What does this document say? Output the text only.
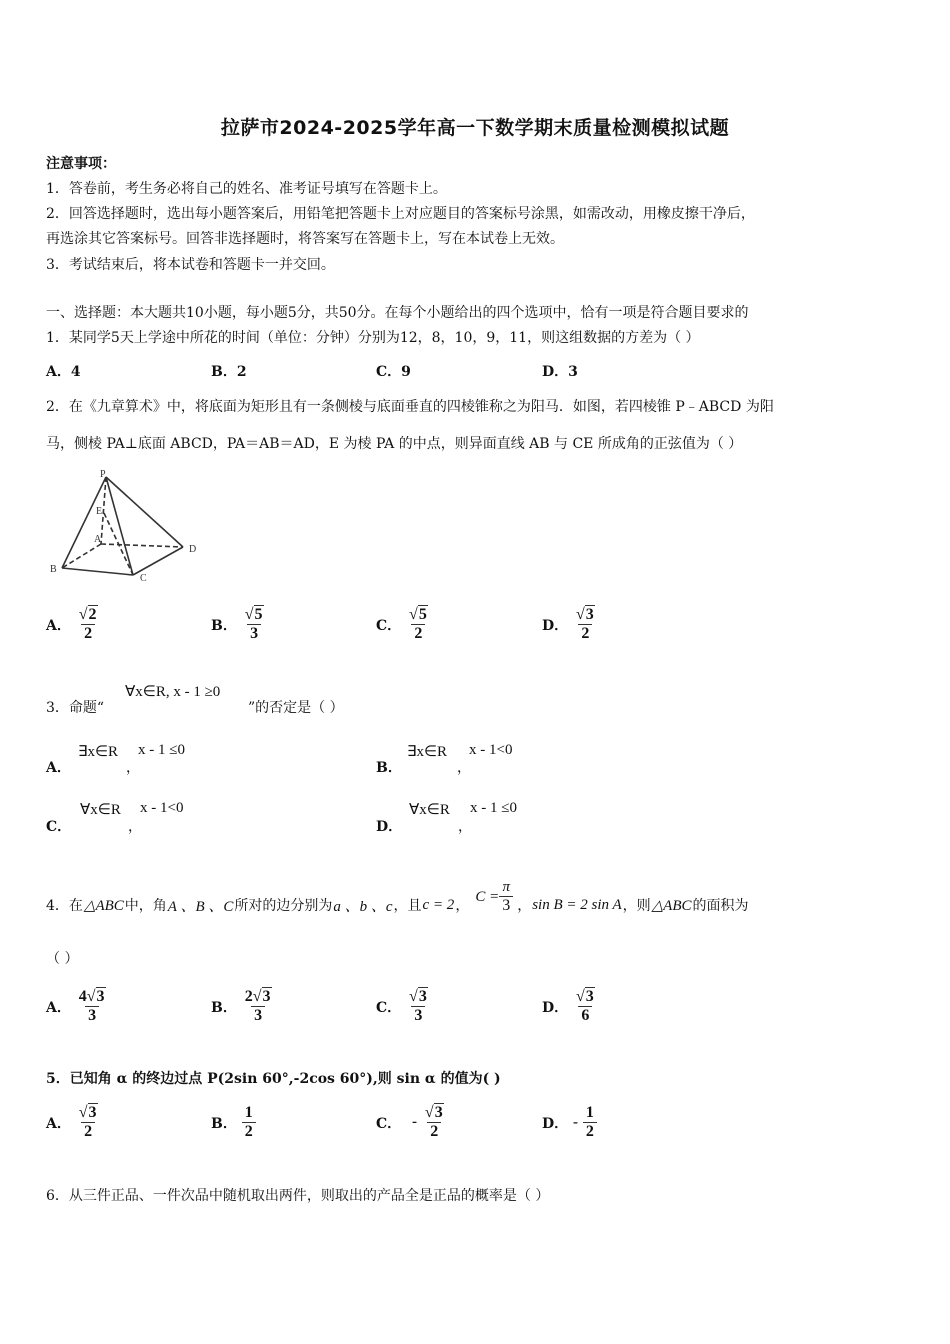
拉萨市2024-2025学年高一下数学期末质量检测模拟试题
注意事项：
1．答卷前，考生务必将自己的姓名、准考证号填写在答题卡上。
2．回答选择题时，选出每小题答案后，用铅笔把答题卡上对应题目的答案标号涂黑，如需改动，用橡皮擦干净后，
再选涂其它答案标号。回答非选择题时，将答案写在答题卡上，写在本试卷上无效。
3．考试结束后，将本试卷和答题卡一并交回。
一、选择题：本大题共10小题，每小题5分，共50分。在每个小题给出的四个选项中，恰有一项是符合题目要求的
1．某同学5天上学途中所花的时间（单位：分钟）分别为12，8，10，9，11，则这组数据的方差为（ ）
A．4	B．2	C．9	D．3
2．在《九章算术》中，将底面为矩形且有一条侧棱与底面垂直的四棱锥称之为阳马．如图，若四棱锥 P﹣ABCD 为阳
马，侧棱 PA⊥底面 ABCD，PA＝AB＝AD，E 为棱 PA 的中点，则异面直线 AB 与 CE 所成角的正弦值为（ ）
P
E
A
B
C
D
A． $\frac{√2}{2}$	B． $\frac{√5}{3}$	C． $\frac{√5}{2}$	D． $\frac{√3}{2}$
3．命题“
∀x∈R, x - 1 ≥0
”的否定是（ ）
A．
∃x∈R
，
x - 1 ≤0
B．
∃x∈R
，
x - 1<0
C．
∀x∈R
，
x - 1<0
D．
∀x∈R
，
x - 1 ≤0
4．在 △ABC 中，角 A 、B 、C 所对的边分别为 a 、b 、c ，且 c = 2 ，
$C = \frac{\pi}{3}$ ， sin B = 2 sin A ，则 △ABC 的面积为
（ ）
A． $\frac{4√3}{3}$	B． $\frac{2√3}{3}$	C． $\frac{√3}{3}$	D． $\frac{√3}{6}$
5．已知角 α 的终边过点 P(2sin 60°,-2cos 60°),则 sin α 的值为( )
A． $\frac{√3}{2}$	B． $\frac{1}{2}$	C． - $\frac{√3}{2}$	D． - $\frac{1}{2}$
6．从三件正品、一件次品中随机取出两件，则取出的产品全是正品的概率是（ ）
